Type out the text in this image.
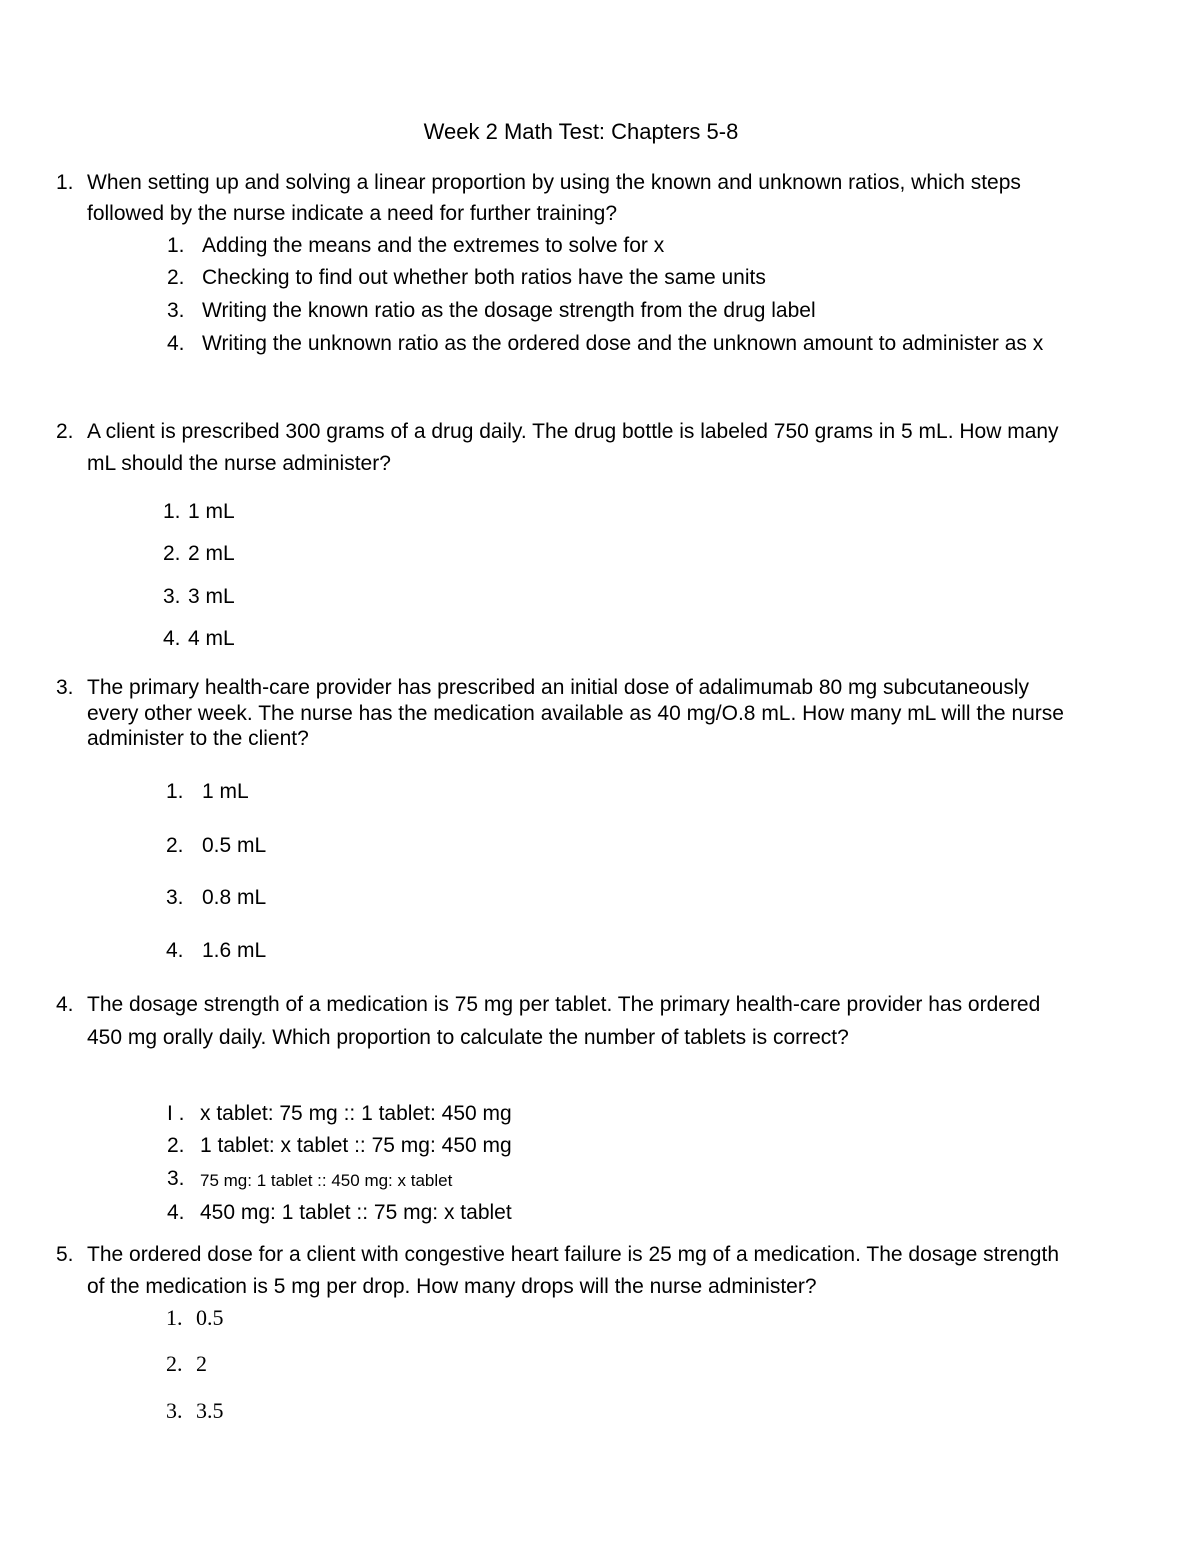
Week 2 Math Test: Chapters 5-8
1. When setting up and solving a linear proportion by using the known and unknown ratios, which steps
followed by the nurse indicate a need for further training?
1. Adding the means and the extremes to solve for x
2. Checking to find out whether both ratios have the same units
3. Writing the known ratio as the dosage strength from the drug label
4. Writing the unknown ratio as the ordered dose and the unknown amount to administer as x
2. A client is prescribed 300 grams of a drug daily. The drug bottle is labeled 750 grams in 5 mL. How many
mL should the nurse administer?
1. 1 mL
2. 2 mL
3. 3 mL
4. 4 mL
3. The primary health-care provider has prescribed an initial dose of adalimumab 80 mg subcutaneously
every other week. The nurse has the medication available as 40 mg/O.8 mL. How many mL will the nurse
administer to the client?
1. 1 mL
2. 0.5 mL
3. 0.8 mL
4. 1.6 mL
4. The dosage strength of a medication is 75 mg per tablet. The primary health-care provider has ordered
450 mg orally daily. Which proportion to calculate the number of tablets is correct?
I . x tablet: 75 mg :: 1 tablet: 450 mg
2. 1 tablet: x tablet :: 75 mg: 450 mg
3. 75 mg: 1 tablet :: 450 mg: x tablet
4. 450 mg: 1 tablet :: 75 mg: x tablet
5. The ordered dose for a client with congestive heart failure is 25 mg of a medication. The dosage strength
of the medication is 5 mg per drop. How many drops will the nurse administer?
1. 0.5
2. 2
3. 3.5
